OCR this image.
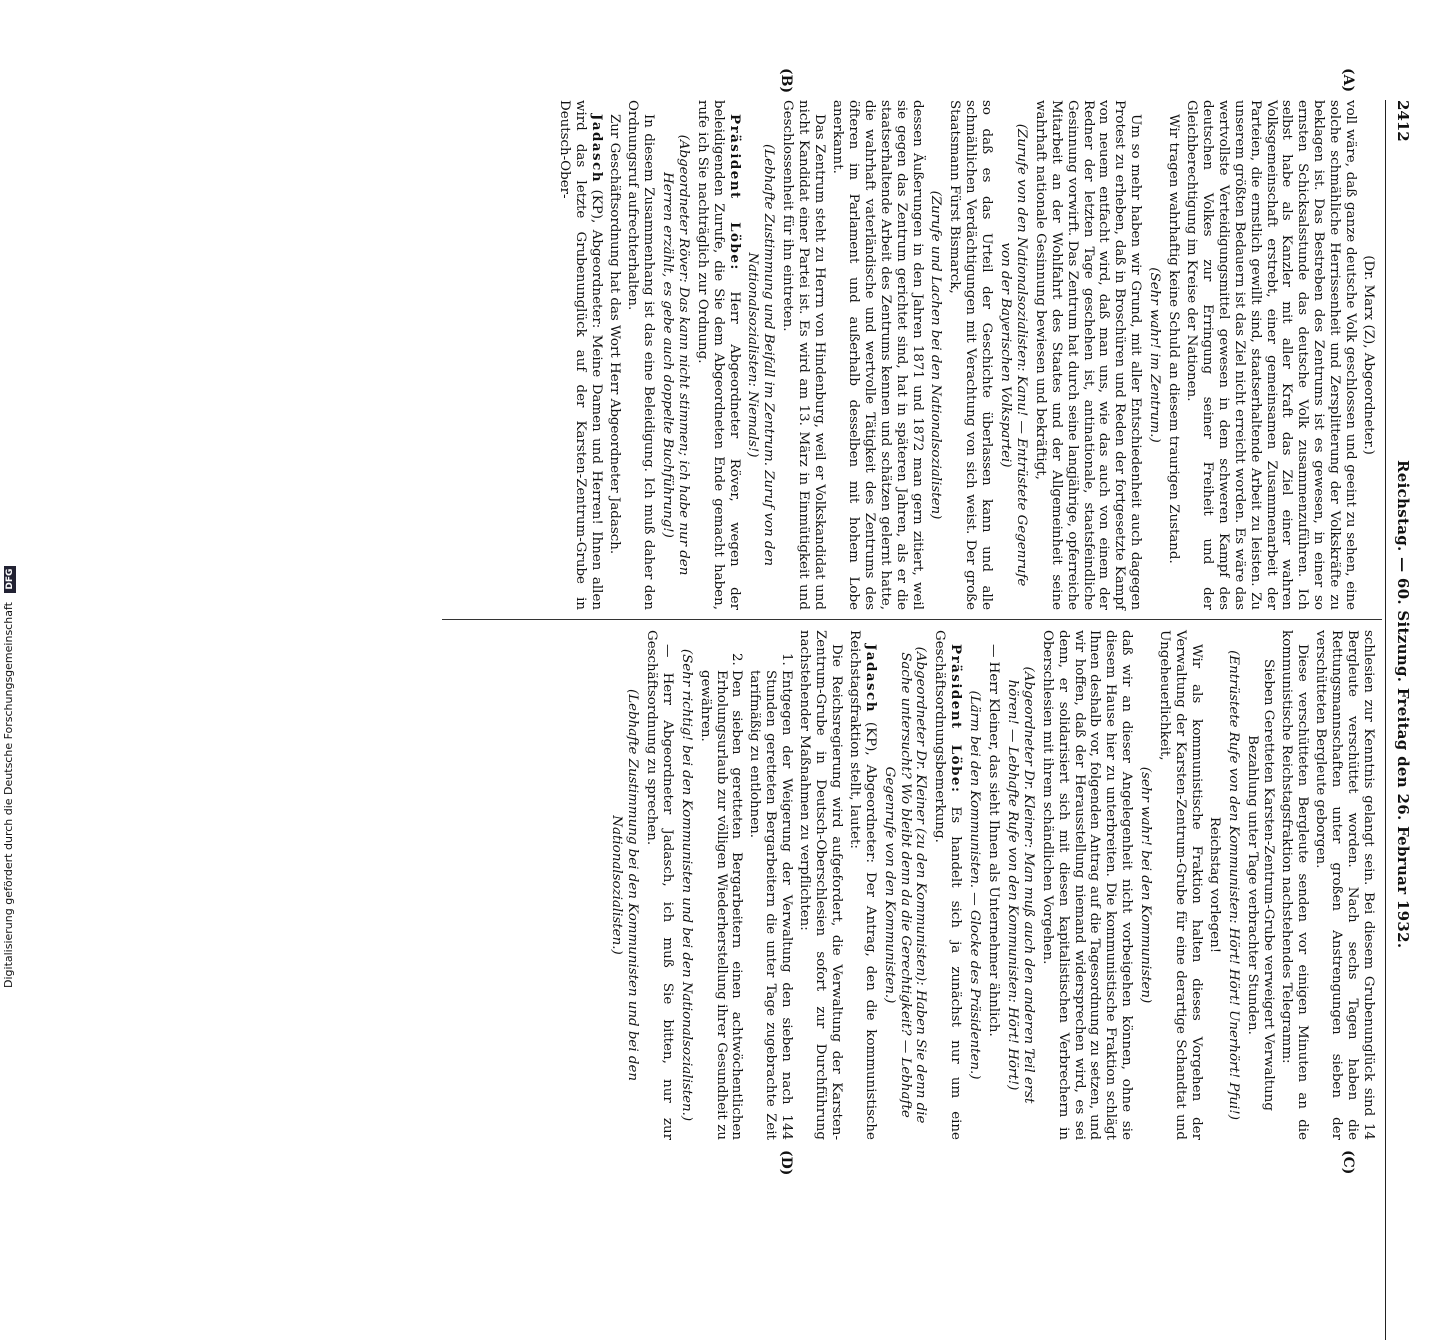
2412
Reichstag. — 60. Sitzung. Freitag den 26. Februar 1932.
(A)
(B)
(C)
(D)

(Dr. Marx (Z), Abgeordneter.)

voll wäre, daß ganze deutsche Volk geschlossen und geeint zu sehen, eine solche schmähliche Herrissenheit und Zersplitterung der Volkskräfte zu beklagen ist. Das Bestreben des Zentrums ist es gewesen, in einer so ernsten Schicksalsstunde das deutsche Volk zusammenzuführen. Ich selbst habe als Kanzler mit aller Kraft das Ziel einer wahren Volksgemeinschaft erstrebt, einer gemeinsamen Zusammenarbeit der Parteien, die ernstlich gewillt sind, staatserhaltende Arbeit zu leisten. Zu unserem größten Bedauern ist das Ziel nicht erreicht worden. Es wäre das wertvollste Verteidigungsmittel gewesen in dem schweren Kampf des deutschen Volkes zur Erringung seiner Freiheit und der Gleichberechtigung im Kreise der Nationen.

Wir tragen wahrhaftig keine Schuld an diesem traurigen Zustand.

(Sehr wahr! im Zentrum.)

Um so mehr haben wir Grund, mit aller Entschiedenheit auch dagegen Protest zu erheben, daß in Broschüren und Reden der fortgesetzte Kampf von neuem entfacht wird, daß man uns, wie das auch von einem der Redner der letzten Tage geschehen ist, antinationale, staatsfeindliche Gesinnung vorwirft. Das Zentrum hat durch seine langjährige, opferreiche Mitarbeit an der Wohlfahrt des Staates und der Allgemeinheit seine wahrhaft nationale Gesinnung bewiesen und bekräftigt,

(Zurufe von den Nationalsozialisten: Kanu! — Entrüstete Gegenrufe von der Bayerischen Volkspartei)

so daß es das Urteil der Geschichte überlassen kann und alle schmählichen Verdächtigungen mit Verachtung von sich weist. Der große Staatsmann Fürst Bismarck,

(Zurufe und Lachen bei den Nationalsozialisten)

dessen Äußerungen in den Jahren 1871 und 1872 man gern zitiert, weil sie gegen das Zentrum gerichtet sind, hat in späteren Jahren, als er die staatserhaltende Arbeit des Zentrums kennen und schätzen gelernt hatte, die wahrhaft vaterländische und wertvolle Tätigkeit des Zentrums des öfteren im Parlament und außerhalb desselben mit hohem Lobe anerkannt.

Das Zentrum steht zu Herrn von Hindenburg, weil er Volkskandidat und nicht Kandidat einer Partei ist. Es wird am 13. März in Einmütigkeit und Geschlossenheit für ihn eintreten.

(Lebhafte Zustimmung und Beifall im Zentrum. Zuruf von den Nationalsozialisten: Niemals!)

Präsident Löbe: Herr Abgeordneter Röver, wegen der beleidigenden Zurufe, die Sie dem Abgeordneten Ende gemacht haben, rufe ich Sie nachträglich zur Ordnung.

(Abgeordneter Röver: Das kann nicht stimmen; ich habe nur den Herren erzählt, es gebe auch doppelte Buchführung!)

In diesem Zusammenhang ist das eine Beleidigung. Ich muß daher den Ordnungsruf aufrechterhalten.

Zur Geschäftsordnung hat das Wort Herr Abgeordneter Jadasch.

Jadasch (KP), Abgeordneter: Meine Damen und Herren! Ihnen allen wird das letzte Grubenunglück auf der Karsten-Zentrum-Grube in Deutsch-Ober-

schlesien zur Kenntnis gelangt sein. Bei diesem Grubenunglück sind 14 Bergleute verschüttet worden. Nach sechs Tagen haben die Rettungsmannschaften unter großen Anstrengungen sieben der verschütteten Bergleute geborgen.

Diese verschütteten Bergleute senden vor einigen Minuten an die kommunistische Reichstagsfraktion nachstehendes Telegramm:

Sieben Geretteten Karsten-Zentrum-Grube verweigert Verwaltung Bezahlung unter Tage verbrachter Stunden.

(Entrüstete Rufe von den Kommunisten: Hört! Hört! Unerhört! Pfui!)

Reichstag vorlegen!

Wir als kommunistische Fraktion halten dieses Vorgehen der Verwaltung der Karsten-Zentrum-Grube für eine derartige Schandtat und Ungeheuerlichkeit,

(sehr wahr! bei den Kommunisten)

daß wir an dieser Angelegenheit nicht vorbeigehen können, ohne sie diesem Hause hier zu unterbreiten. Die kommunistische Fraktion schlägt Ihnen deshalb vor, folgenden Antrag auf die Tagesordnung zu setzen, und wir hoffen, daß der Herausstellung niemand widersprechen wird, es sei denn, er solidarisiert sich mit diesen kapitalistischen Verbrechern in Oberschlesien mit ihrem schändlichen Vorgehen.

(Abgeordneter Dr. Kleiner: Man muß auch den anderen Teil erst hören! — Lebhafte Rufe von den Kommunisten: Hört! Hört!)

— Herr Kleiner, das sieht Ihnen als Unternehmer ähnlich.

(Lärm bei den Kommunisten. — Glocke des Präsidenten.)

Präsident Löbe: Es handelt sich ja zunächst nur um eine Geschäftsordnungsbemerkung.

(Abgeordneter Dr. Kleiner (zu den Kommunisten): Haben Sie denn die Sache untersucht? Wo bleibt denn da die Gerechtigkeit? — Lebhafte Gegenrufe von den Kommunisten.)

Jadasch (KP), Abgeordneter: Der Antrag, den die kommunistische Reichstagsfraktion stellt, lautet:

Die Reichsregierung wird aufgefordert, die Verwaltung der Karsten-Zentrum-Grube in Deutsch-Oberschlesien sofort zur Durchführung nachstehender Maßnahmen zu verpflichten:

1. Entgegen der Weigerung der Verwaltung den sieben nach 144 Stunden geretteten Bergarbeitern die unter Tage zugebrachte Zeit tarifmäßig zu entlohnen.
2. Den sieben geretteten Bergarbeitern einen achtwöchentlichen Erholungsurlaub zur völligen Wiederherstellung ihrer Gesundheit zu gewähren.

(Sehr richtig! bei den Kommunisten und bei den Nationalsozialisten.)

— Herr Abgeordneter Jadasch, ich muß Sie bitten, nur zur Geschäftsordnung zu sprechen.

(Lebhafte Zustimmung bei den Kommunisten und bei den Nationalsozialisten.)

Digitalisierung gefördert durch die Deutsche Forschungsgemeinschaft DFG
